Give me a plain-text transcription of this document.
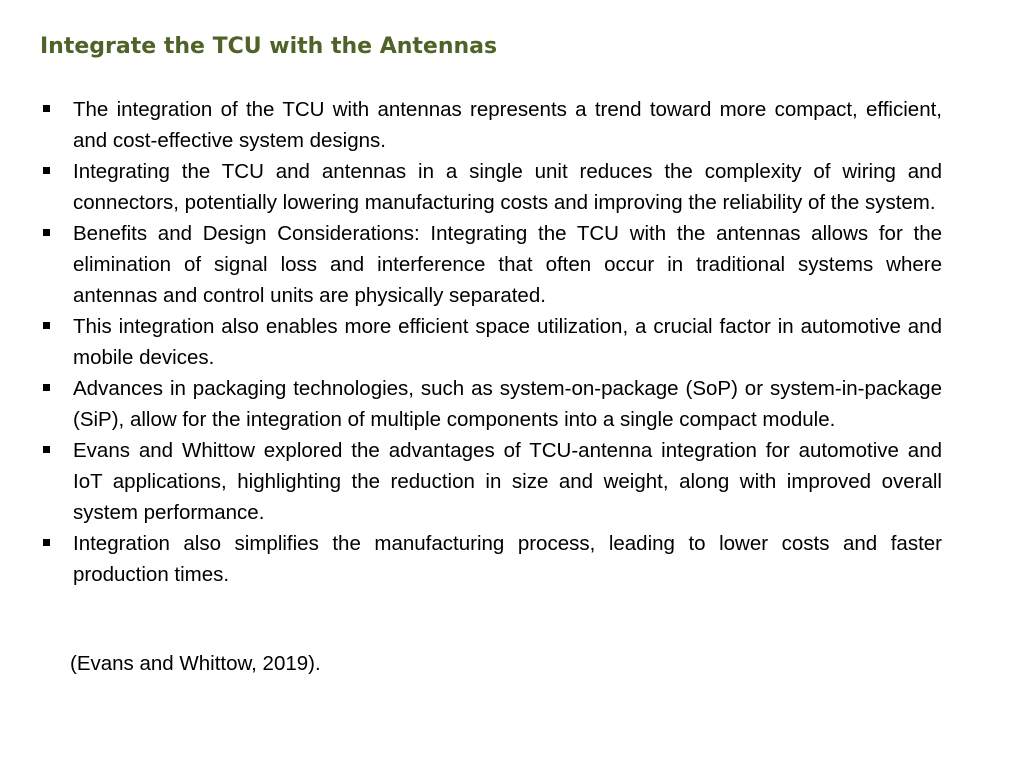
Integrate the TCU with the Antennas
The integration of the TCU with antennas represents a trend toward more compact, efficient, and cost-effective system designs.
Integrating the TCU and antennas in a single unit reduces the complexity of wiring and connectors, potentially lowering manufacturing costs and improving the reliability of the system.
Benefits and Design Considerations: Integrating the TCU with the antennas allows for the elimination of signal loss and interference that often occur in traditional systems where antennas and control units are physically separated.
This integration also enables more efficient space utilization, a crucial factor in automotive and mobile devices.
Advances in packaging technologies, such as system-on-package (SoP) or system-in-package (SiP), allow for the integration of multiple components into a single compact module.
Evans and Whittow explored the advantages of TCU-antenna integration for automotive and IoT applications, highlighting the reduction in size and weight, along with improved overall system performance.
Integration also simplifies the manufacturing process, leading to lower costs and faster production times.
(Evans and Whittow, 2019).
